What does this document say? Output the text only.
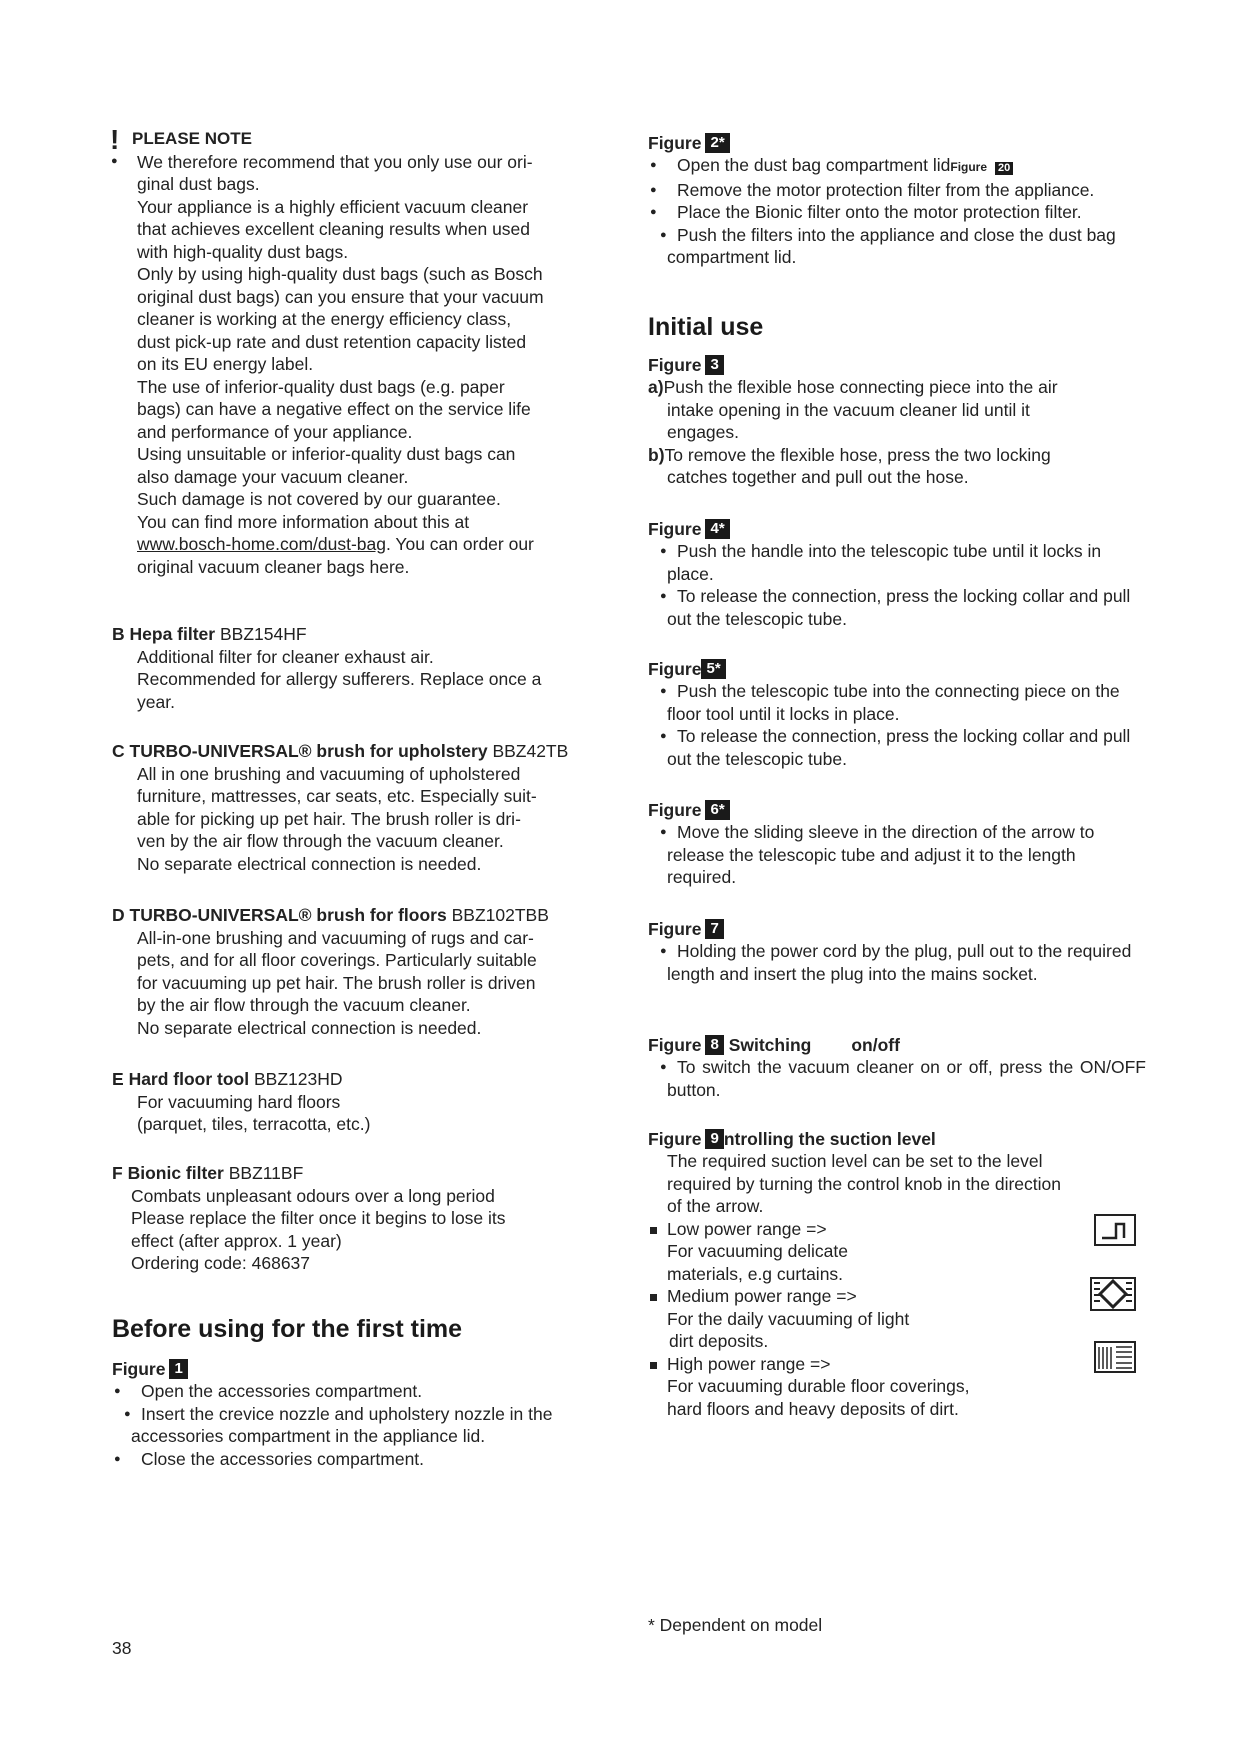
! PLEASE NOTE
● We therefore recommend that you only use our ori-
ginal dust bags.
Your appliance is a highly efficient vacuum cleaner
that achieves excellent cleaning results when used
with high-quality dust bags.
Only by using high-quality dust bags (such as Bosch
original dust bags) can you ensure that your vacuum
cleaner is working at the energy efficiency class,
dust pick-up rate and dust retention capacity listed
on its EU energy label.
The use of inferior-quality dust bags (e.g. paper
bags) can have a negative effect on the service life
and performance of your appliance.
Using unsuitable or inferior-quality dust bags can
also damage your vacuum cleaner.
Such damage is not covered by our guarantee.
You can find more information about this at
www.bosch-home.com/dust-bag. You can order our
original vacuum cleaner bags here.
B Hepa filter BBZ154HF
Additional filter for cleaner exhaust air.
Recommended for allergy sufferers. Replace once a
year.
C TURBO-UNIVERSAL® brush for upholstery BBZ42TB
All in one brushing and vacuuming of upholstered
furniture, mattresses, car seats, etc. Especially suit-
able for picking up pet hair. The brush roller is dri-
ven by the air flow through the vacuum cleaner.
No separate electrical connection is needed.
D TURBO-UNIVERSAL® brush for floors BBZ102TBB
All-in-one brushing and vacuuming of rugs and car-
pets, and for all floor coverings. Particularly suitable
for vacuuming up pet hair. The brush roller is driven
by the air flow through the vacuum cleaner.
No separate electrical connection is needed.
E Hard floor tool BBZ123HD
For vacuuming hard floors
(parquet, tiles, terracotta, etc.)
F Bionic filter BBZ11BF
Combats unpleasant odours over a long period
Please replace the filter once it begins to lose its
effect (after approx. 1 year)
Ordering code: 468637
Before using for the first time
Figure 1
● Open the accessories compartment.
● Insert the crevice nozzle and upholstery nozzle in the accessories compartment in the appliance lid.
● Close the accessories compartment.
38
Figure 2*
● Open the dust bag compartment lidFigure 20
● Remove the motor protection filter from the appliance.
● Place the Bionic filter onto the motor protection filter.
● Push the filters into the appliance and close the dust bag compartment lid.
Initial use
Figure 3
a)Push the flexible hose connecting piece into the air
intake opening in the vacuum cleaner lid until it
engages.
b)To remove the flexible hose, press the two locking
catches together and pull out the hose.
Figure 4*
● Push the handle into the telescopic tube until it locks in place.
● To release the connection, press the locking collar and pull out the telescopic tube.
Figure 5*
● Push the telescopic tube into the connecting piece on the floor tool until it locks in place.
● To release the connection, press the locking collar and pull out the telescopic tube.
Figure 6*
● Move the sliding sleeve in the direction of the arrow to release the telescopic tube and adjust it to the length required.
Figure 7
● Holding the power cord by the plug, pull out to the required length and insert the plug into the mains socket.
Figure 8 Switching on/off
● To switch the vacuum cleaner on or off, press the ON/OFF button.
Figure 9 ntrolling the suction level
The required suction level can be set to the level
required by turning the control knob in the direction
of the arrow.
Low power range =>
For vacuuming delicate
materials, e.g curtains.
Medium power range =>
For the daily vacuuming of light
dirt deposits.
High power range =>
For vacuuming durable floor coverings,
hard floors and heavy deposits of dirt.
* Dependent on model
